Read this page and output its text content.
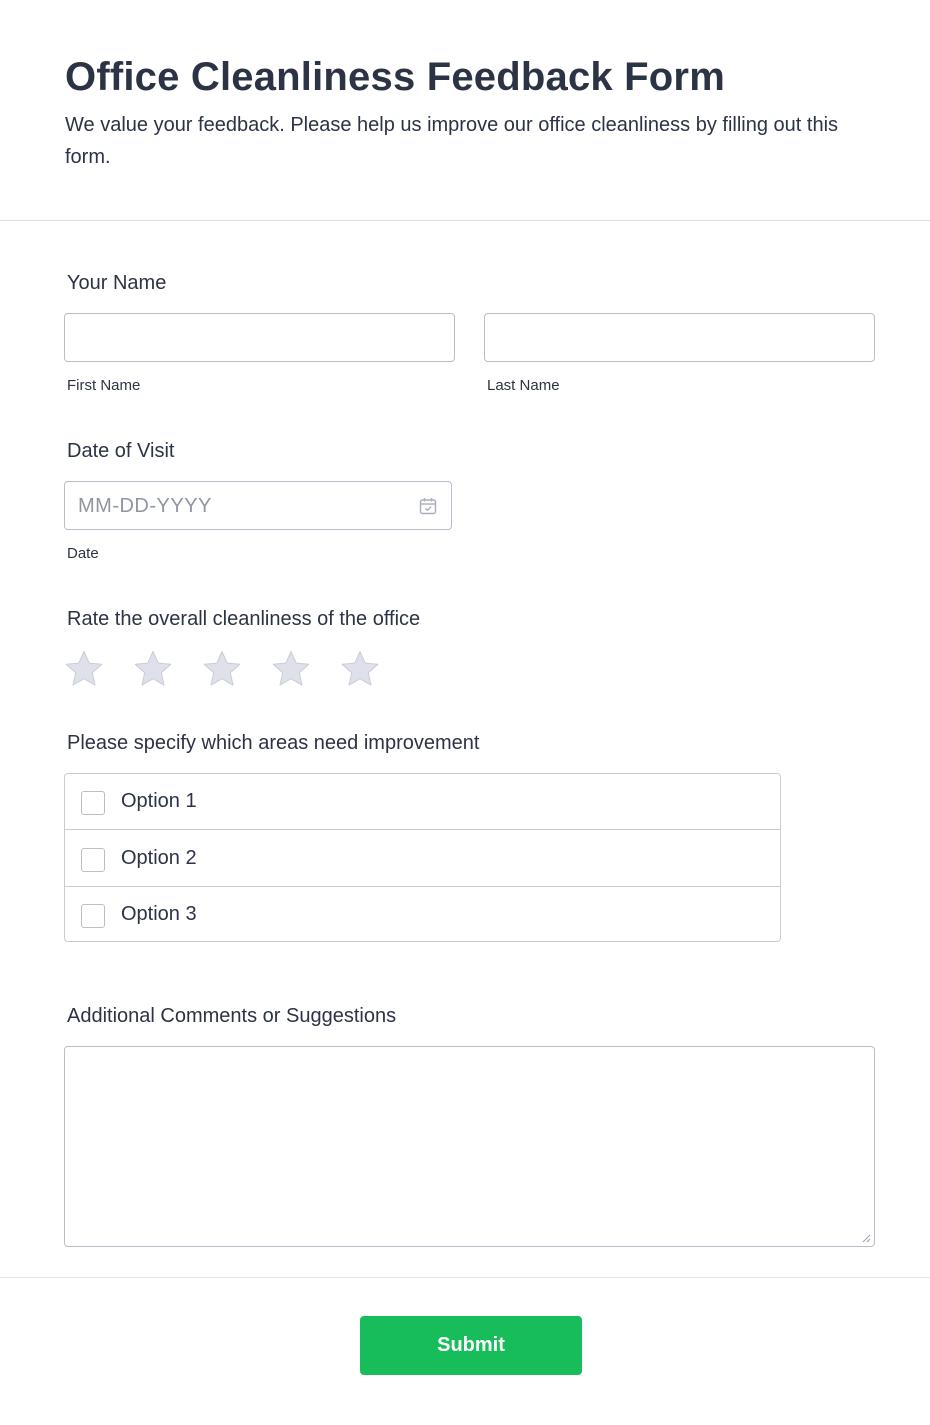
Office Cleanliness Feedback Form

We value your feedback. Please help us improve our office cleanliness by filling out this form.

Your Name
First Name	Last Name
Date of Visit
MM-DD-YYYY
Date
Rate the overall cleanliness of the office
Please specify which areas need improvement
Option 1
Option 2
Option 3
Additional Comments or Suggestions
Submit
